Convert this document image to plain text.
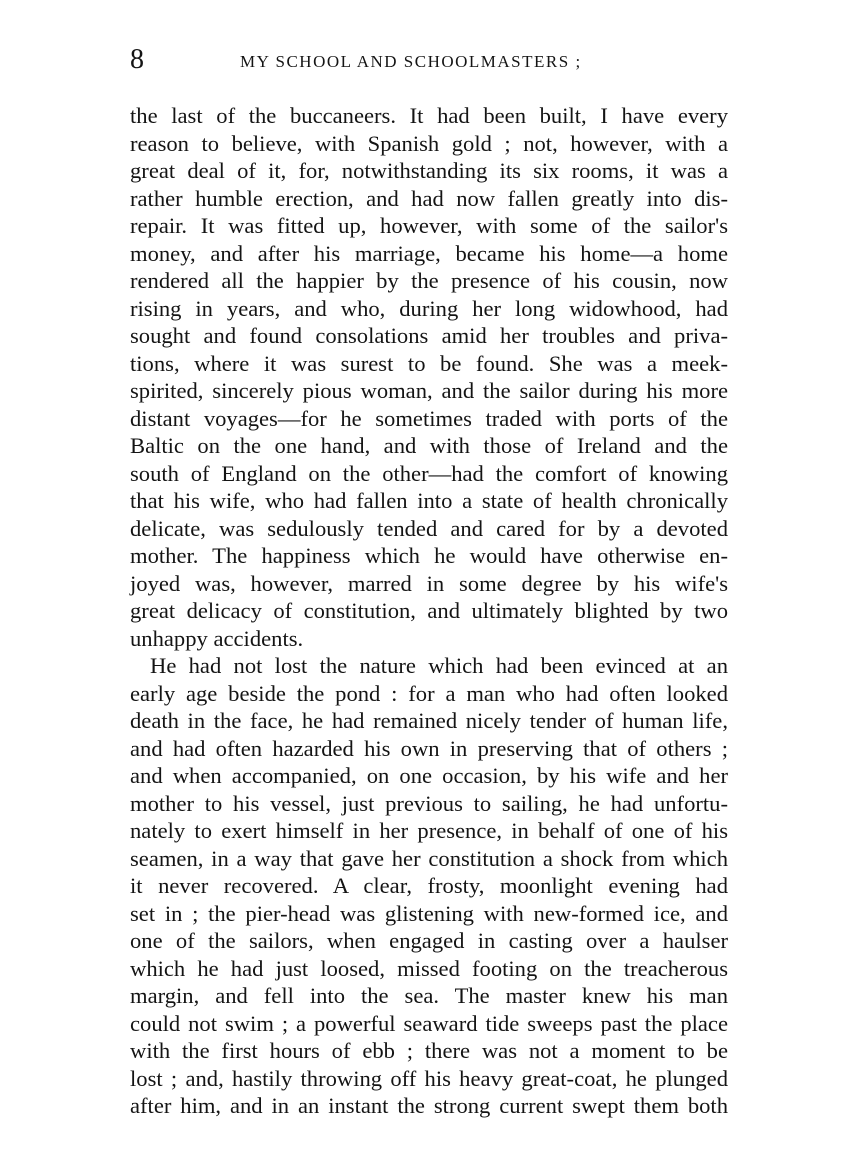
8	MY SCHOOL AND SCHOOLMASTERS ;
the last of the buccaneers. It had been built, I have every
reason to believe, with Spanish gold ; not, however, with a
great deal of it, for, notwithstanding its six rooms, it was a
rather humble erection, and had now fallen greatly into dis-
repair. It was fitted up, however, with some of the sailor's
money, and after his marriage, became his home—a home
rendered all the happier by the presence of his cousin, now
rising in years, and who, during her long widowhood, had
sought and found consolations amid her troubles and priva-
tions, where it was surest to be found. She was a meek-
spirited, sincerely pious woman, and the sailor during his more
distant voyages—for he sometimes traded with ports of the
Baltic on the one hand, and with those of Ireland and the
south of England on the other—had the comfort of knowing
that his wife, who had fallen into a state of health chronically
delicate, was sedulously tended and cared for by a devoted
mother. The happiness which he would have otherwise en-
joyed was, however, marred in some degree by his wife's
great delicacy of constitution, and ultimately blighted by two
unhappy accidents.
He had not lost the nature which had been evinced at an
early age beside the pond : for a man who had often looked
death in the face, he had remained nicely tender of human life,
and had often hazarded his own in preserving that of others ;
and when accompanied, on one occasion, by his wife and her
mother to his vessel, just previous to sailing, he had unfortu-
nately to exert himself in her presence, in behalf of one of his
seamen, in a way that gave her constitution a shock from which
it never recovered. A clear, frosty, moonlight evening had
set in ; the pier-head was glistening with new-formed ice, and
one of the sailors, when engaged in casting over a haulser
which he had just loosed, missed footing on the treacherous
margin, and fell into the sea. The master knew his man
could not swim ; a powerful seaward tide sweeps past the place
with the first hours of ebb ; there was not a moment to be
lost ; and, hastily throwing off his heavy great-coat, he plunged
after him, and in an instant the strong current swept them both
